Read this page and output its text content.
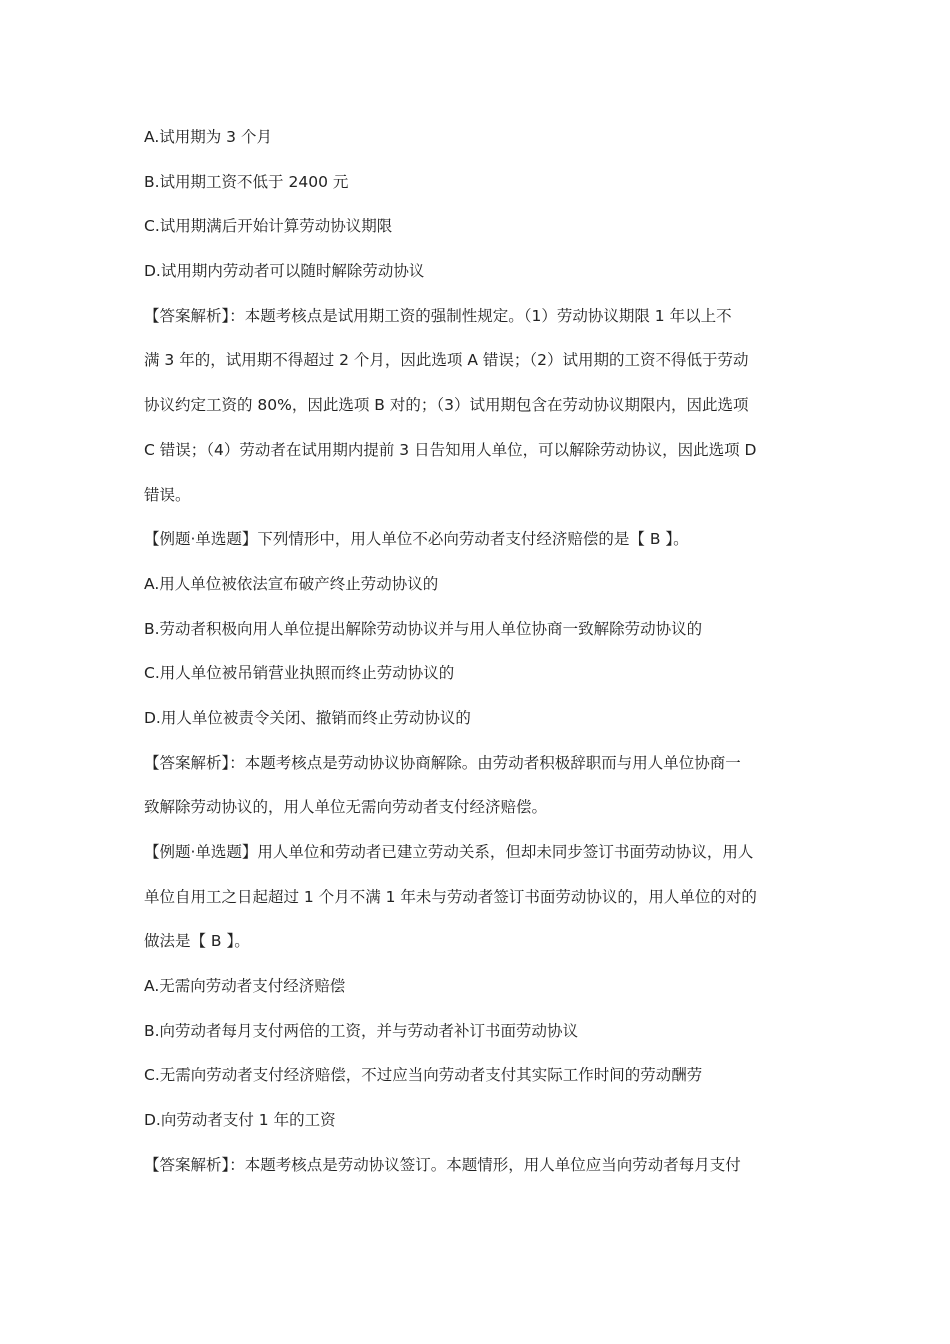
A.试用期为 3 个月
B.试用期工资不低于 2400 元
C.试用期满后开始计算劳动协议期限
D.试用期内劳动者可以随时解除劳动协议
【答案解析】：本题考核点是试用期工资的强制性规定。（1）劳动协议期限 1 年以上不
满 3 年的，试用期不得超过 2 个月，因此选项 A 错误；（2）试用期的工资不得低于劳动
协议约定工资的 80%，因此选项 B 对的；（3）试用期包含在劳动协议期限内，因此选项
C 错误；（4）劳动者在试用期内提前 3 日告知用人单位，可以解除劳动协议，因此选项 D
错误。
【例题·单选题】下列情形中，用人单位不必向劳动者支付经济赔偿的是【 B 】。
A.用人单位被依法宣布破产终止劳动协议的
B.劳动者积极向用人单位提出解除劳动协议并与用人单位协商一致解除劳动协议的
C.用人单位被吊销营业执照而终止劳动协议的
D.用人单位被责令关闭、撤销而终止劳动协议的
【答案解析】：本题考核点是劳动协议协商解除。由劳动者积极辞职而与用人单位协商一
致解除劳动协议的，用人单位无需向劳动者支付经济赔偿。
【例题·单选题】用人单位和劳动者已建立劳动关系，但却未同步签订书面劳动协议，用人
单位自用工之日起超过 1 个月不满 1 年未与劳动者签订书面劳动协议的，用人单位的对的
做法是【 B 】。
A.无需向劳动者支付经济赔偿
B.向劳动者每月支付两倍的工资，并与劳动者补订书面劳动协议
C.无需向劳动者支付经济赔偿，不过应当向劳动者支付其实际工作时间的劳动酬劳
D.向劳动者支付 1 年的工资
【答案解析】：本题考核点是劳动协议签订。本题情形，用人单位应当向劳动者每月支付
